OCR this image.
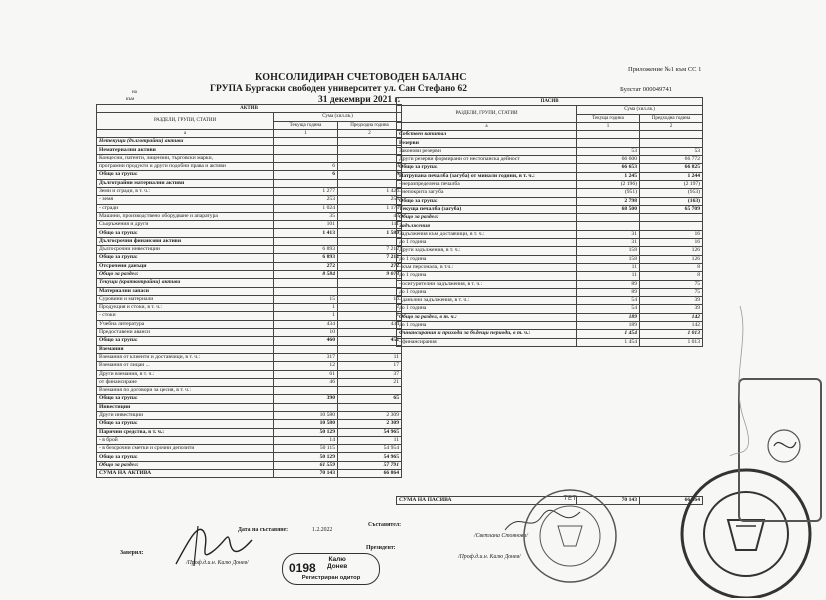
Приложение №1 към СС 1
на
към
КОНСОЛИДИРАН СЧЕТОВОДЕН БАЛАНС
ГРУПА Бургаски свободен университет ул. Сан Стефано 62
31 декември 2021 г.
Булстат 000049741
АКТИВ		
РАЗДЕЛИ, ГРУПИ, СТАТИИ	Сума (хил.лв.)	
	Текуща година	Предходна година
а	1	2
Нетекущи (дълготрайни) активи		
Нематериални активи		
Концесии, патенти, лицензии, търговски марки,		
програмни продукти и други подобни права и активи	6	9
Общо за група:	6	9
Дълготрайни материални активи		
Земи и сгради, в т. ч.:	1 277	1 426
- земя	253	253
- сгради	1 024	1 173
Машини, производствено оборудване и апаратура	35	43
Съоръжения и други	101	111
Общо за група:	1 413	1 580
Дългосрочни финансови активи		
Дългосрочни инвестиции	6 893	7 212
Общо за група:	6 893	7 212
Отсрочени данъци	272	272
Общо за раздел:	8 584	9 073
Текущи (краткотрайни) активи		
Материални запаси		
Суровини и материали	15	16
Продукция и стоки, в т. ч.:	1	2
- стоки	1	2
Учебна литература	434	434
Предоставени аванси	10	
Общо за група:	460	452
Вземания		
Вземания от клиенти и доставчици, в т. ч.:	317	11
Вземания от лицаи ...	12	17
Други вземания, в т. ч.:	61	37
от финансиране	46	21
Вземания по договори за цесия, в т. ч.:		
Общо за група:	390	65
Инвестиции		
Други инвестиции	10 580	2 309
Общо за група:	10 580	2 309
Парични средства, в т. ч.:	50 129	54 965
- в брой	14	11
- в безсрочни сметки и срочни депозити	50 115	54 954
Общо за група:	50 129	54 965
Общо за раздел:	61 559	57 791
СУМА НА АКТИВА	70 143	66 864
ПАСИВ		
РАЗДЕЛИ, ГРУПИ, СТАТИИ	Сума (хил.лв.)	
	Текуща година	Предходна година
а	1	2
Собствен капитал		
Резерви		
Законови резерви	53	53
Други резерви формирани от нестопанска дейност	66 600	66 772
Общо за група:	66 653	66 825
Натрупана печалба (загуба) от минали години, в т. ч.:	1 245	1 244
- неразпределена печалба	(2 196)	(2 197)
- непокрита загуба	(951)	(953)
Общо за група:	2 798	(163)
Текуща печалба (загуба)	68 500	65 709
Общо за раздел:		
Задължения		
Задължения към доставчици, в т. ч.:	31	16
до 1 година	31	16
Други задължения, в т. ч.:	158	126
до 1 година	158	126
- към персонала, в т.ч.:	11	8
до 1 година	11	8
- осигурителни задължения, в т. ч.:	89	75
до 1 година	89	75
- данъчни задължения, в т. ч.:	54	39
до 1 година	54	39
Общо за раздел, в т. ч.:	189	142
до 1 година	189	142
Финансирания и приходи за бъдещи периоди, в т. ч.:	1 454	1 013
- финансирания	1 454	1 013
СУМА НА ПАСИВА	70 143	66 864
Дата на съставяне:	1.2.2022
Съставител:
Заверил:
/Проф.д.и.н. Калю Донев/
Президент:
/Светлана Стоянова/
/Проф.д.и.н. Калю Донев/
0198
Калю
Донев
Регистриран одитор
ТЕТ
